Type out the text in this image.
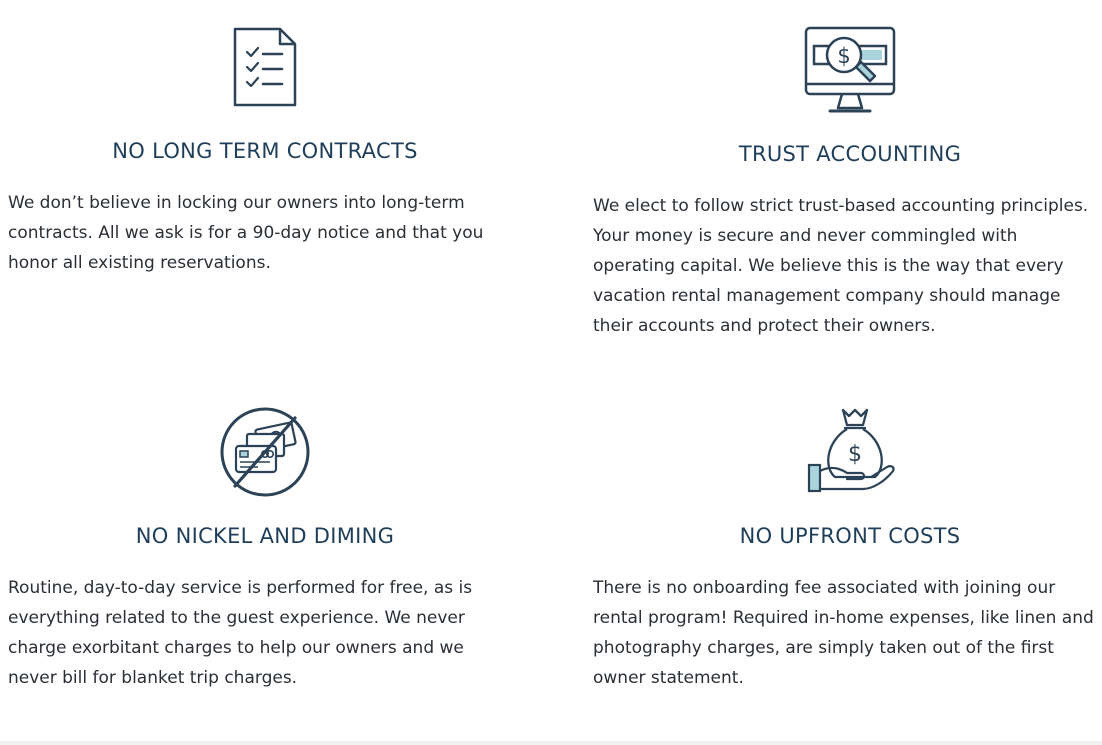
NO LONG TERM CONTRACTS

We don’t believe in locking our owners into long-term contracts. All we ask is for a 90-day notice and that you honor all existing reservations.

$
TRUST ACCOUNTING

We elect to follow strict trust-based accounting principles. Your money is secure and never commingled with operating capital. We believe this is the way that every vacation rental management company should manage their accounts and protect their owners.

NO NICKEL AND DIMING

Routine, day-to-day service is performed for free, as is everything related to the guest experience. We never charge exorbitant charges to help our owners and we never bill for blanket trip charges.

$
NO UPFRONT COSTS

There is no onboarding fee associated with joining our rental program! Required in-home expenses, like linen and photography charges, are simply taken out of the first owner statement.
